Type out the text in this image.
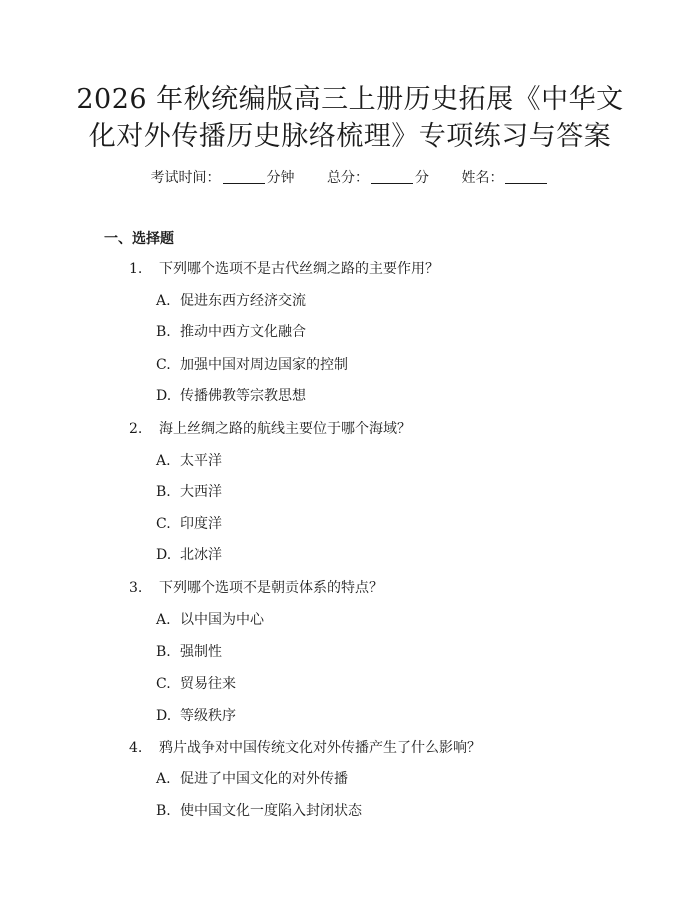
2026 年秋统编版高三上册历史拓展《中华文
化对外传播历史脉络梳理》专项练习与答案
考试时间：	分钟 总分：	分 姓名：
一、选择题
1. 下列哪个选项不是古代丝绸之路的主要作用？
A. 促进东西方经济交流
B. 推动中西方文化融合
C. 加强中国对周边国家的控制
D. 传播佛教等宗教思想
2. 海上丝绸之路的航线主要位于哪个海域？
A. 太平洋
B. 大西洋
C. 印度洋
D. 北冰洋
3. 下列哪个选项不是朝贡体系的特点？
A. 以中国为中心
B. 强制性
C. 贸易往来
D. 等级秩序
4. 鸦片战争对中国传统文化对外传播产生了什么影响？
A. 促进了中国文化的对外传播
B. 使中国文化一度陷入封闭状态
